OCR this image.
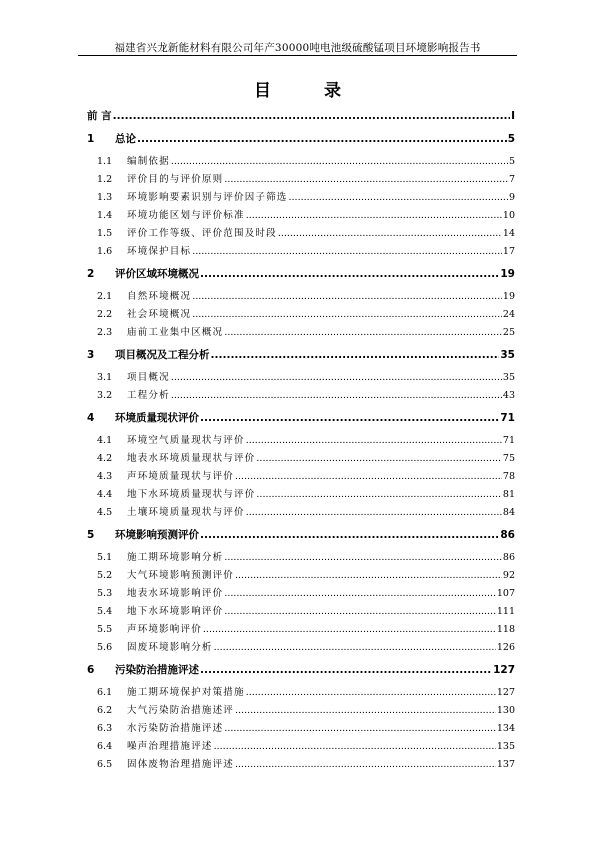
福建省兴龙新能材料有限公司年产30000吨电池级硫酸锰项目环境影响报告书
目　录
前 言 .....	I
1	总论 .....	5
1.1	编制依据 .....	5
1.2	评价目的与评价原则 .....	7
1.3	环境影响要素识别与评价因子筛选 .....	9
1.4	环境功能区划与评价标准 .....	10
1.5	评价工作等级、评价范围及时段 .....	14
1.6	环境保护目标 .....	17
2	评价区域环境概况 .....	19
2.1	自然环境概况 .....	19
2.2	社会环境概况 .....	24
2.3	庙前工业集中区概况 .....	25
3	项目概况及工程分析 .....	35
3.1	项目概况 .....	35
3.2	工程分析 .....	43
4	环境质量现状评价 .....	71
4.1	环境空气质量现状与评价 .....	71
4.2	地表水环境质量现状与评价 .....	75
4.3	声环境质量现状与评价 .....	78
4.4	地下水环境质量现状与评价 .....	81
4.5	土壤环境质量现状与评价 .....	84
5	环境影响预测评价 .....	86
5.1	施工期环境影响分析 .....	86
5.2	大气环境影响预测评价 .....	92
5.3	地表水环境影响评价 .....	107
5.4	地下水环境影响评价 .....	111
5.5	声环境影响评价 .....	118
5.6	固废环境影响分析 .....	126
6	污染防治措施评述 .....	127
6.1	施工期环境保护对策措施 .....	127
6.2	大气污染防治措施述评 .....	130
6.3	水污染防治措施评述 .....	134
6.4	噪声治理措施评述 .....	135
6.5	固体废物治理措施评述 .....	137
